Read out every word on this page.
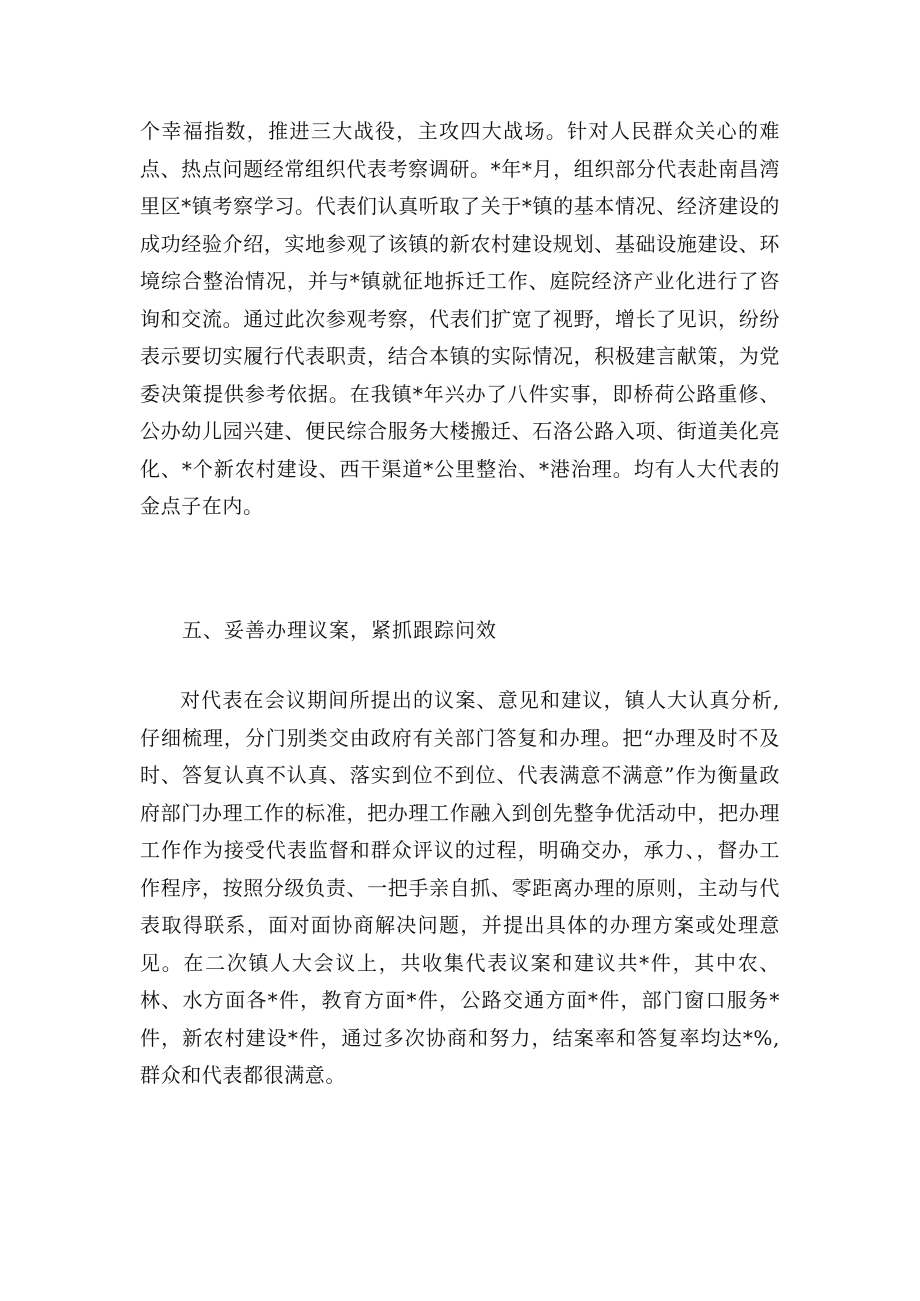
个幸福指数，推进三大战役，主攻四大战场。针对人民群众关心的难点、热点问题经常组织代表考察调研。*年*月，组织部分代表赴南昌湾里区*镇考察学习。代表们认真听取了关于*镇的基本情况、经济建设的成功经验介绍，实地参观了该镇的新农村建设规划、基础设施建设、环境综合整治情况，并与*镇就征地拆迁工作、庭院经济产业化进行了咨询和交流。通过此次参观考察，代表们扩宽了视野，增长了见识，纷纷表示要切实履行代表职责，结合本镇的实际情况，积极建言献策，为党委决策提供参考依据。在我镇*年兴办了八件实事，即桥荷公路重修、公办幼儿园兴建、便民综合服务大楼搬迁、石洛公路入项、街道美化亮化、*个新农村建设、西干渠道*公里整治、*港治理。均有人大代表的金点子在内。

五、妥善办理议案，紧抓跟踪问效

对代表在会议期间所提出的议案、意见和建议，镇人大认真分析,仔细梳理，分门别类交由政府有关部门答复和办理。把“办理及时不及时、答复认真不认真、落实到位不到位、代表满意不满意”作为衡量政府部门办理工作的标准，把办理工作融入到创先整争优活动中，把办理工作作为接受代表监督和群众评议的过程，明确交办，承力、，督办工作程序，按照分级负责、一把手亲自抓、零距离办理的原则，主动与代表取得联系，面对面协商解决问题，并提出具体的办理方案或处理意见。在二次镇人大会议上，共收集代表议案和建议共*件，其中农、林、水方面各*件，教育方面*件，公路交通方面*件，部门窗口服务*件，新农村建设*件，通过多次协商和努力，结案率和答复率均达*%,群众和代表都很满意。
